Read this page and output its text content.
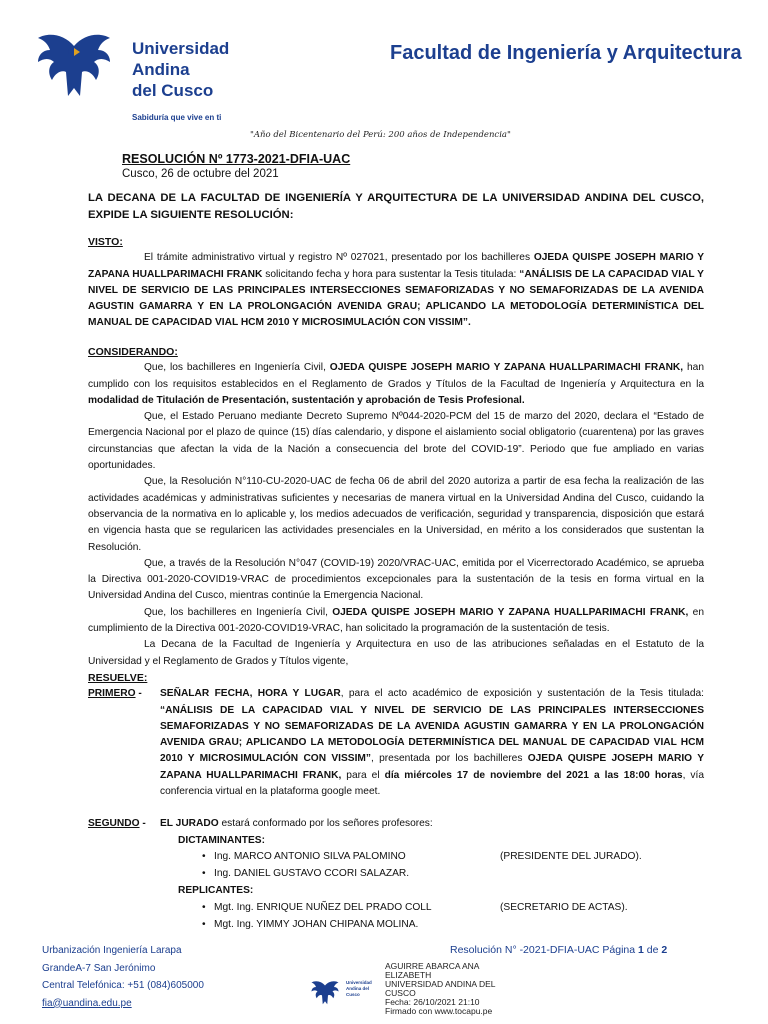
Universidad
Andina
del Cusco
Sabiduría que vive en ti
Facultad de Ingeniería y Arquitectura
"Año del Bicentenario del Perú: 200 años de Independencia"
RESOLUCIÓN Nº 1773-2021-DFIA-UAC
Cusco, 26 de octubre del 2021
LA DECANA DE LA FACULTAD DE INGENIERÍA Y ARQUITECTURA DE LA UNIVERSIDAD ANDINA DEL CUSCO, EXPIDE LA SIGUIENTE RESOLUCIÓN:

VISTO:

El trámite administrativo virtual y registro Nº 027021, presentado por los bachilleres OJEDA QUISPE JOSEPH MARIO Y ZAPANA HUALLPARIMACHI FRANK solicitando fecha y hora para sustentar la Tesis titulada: “ANÁLISIS DE LA CAPACIDAD VIAL Y NIVEL DE SERVICIO DE LAS PRINCIPALES INTERSECCIONES SEMAFORIZADAS Y NO SEMAFORIZADAS DE LA AVENIDA AGUSTIN GAMARRA Y EN LA PROLONGACIÓN AVENIDA GRAU; APLICANDO LA METODOLOGÍA DETERMINÍSTICA DEL MANUAL DE CAPACIDAD VIAL HCM 2010 Y MICROSIMULACIÓN CON VISSIM”.

CONSIDERANDO:

Que, los bachilleres en Ingeniería Civil, OJEDA QUISPE JOSEPH MARIO Y ZAPANA HUALLPARIMACHI FRANK, han cumplido con los requisitos establecidos en el Reglamento de Grados y Títulos de la Facultad de Ingeniería y Arquitectura en la modalidad de Titulación de Presentación, sustentación y aprobación de Tesis Profesional.

Que, el Estado Peruano mediante Decreto Supremo Nº044-2020-PCM del 15 de marzo del 2020, declara el “Estado de Emergencia Nacional por el plazo de quince (15) días calendario, y dispone el aislamiento social obligatorio (cuarentena) por las graves circunstancias que afectan la vida de la Nación a consecuencia del brote del COVID-19”. Periodo que fue ampliado en varias oportunidades.

Que, la Resolución N°110-CU-2020-UAC de fecha 06 de abril del 2020 autoriza a partir de esa fecha la realización de las actividades académicas y administrativas suficientes y necesarias de manera virtual en la Universidad Andina del Cusco, cuidando la observancia de la normativa en lo aplicable y, los medios adecuados de verificación, seguridad y transparencia, disposición que estará en vigencia hasta que se regularicen las actividades presenciales en la Universidad, en mérito a los considerados que sustentan la Resolución.

Que, a través de la Resolución N°047 (COVID-19) 2020/VRAC-UAC, emitida por el Vicerrectorado Académico, se aprueba la Directiva 001-2020-COVID19-VRAC de procedimientos excepcionales para la sustentación de la tesis en forma virtual en la Universidad Andina del Cusco, mientras continúe la Emergencia Nacional.

Que, los bachilleres en Ingeniería Civil, OJEDA QUISPE JOSEPH MARIO Y ZAPANA HUALLPARIMACHI FRANK, en cumplimiento de la Directiva 001-2020-COVID19-VRAC, han solicitado la programación de la sustentación de tesis.

La Decana de la Facultad de Ingeniería y Arquitectura en uso de las atribuciones señaladas en el Estatuto de la Universidad y el Reglamento de Grados y Títulos vigente,

RESUELVE:

PRIMERO -	SEÑALAR FECHA, HORA Y LUGAR, para el acto académico de exposición y sustentación de la Tesis titulada: “ANÁLISIS DE LA CAPACIDAD VIAL Y NIVEL DE SERVICIO DE LAS PRINCIPALES INTERSECCIONES SEMAFORIZADAS Y NO SEMAFORIZADAS DE LA AVENIDA AGUSTIN GAMARRA Y EN LA PROLONGACIÓN AVENIDA GRAU; APLICANDO LA METODOLOGÍA DETERMINÍSTICA DEL MANUAL DE CAPACIDAD VIAL HCM 2010 Y MICROSIMULACIÓN CON VISSIM”, presentada por los bachilleres OJEDA QUISPE JOSEPH MARIO Y ZAPANA HUALLPARIMACHI FRANK, para el día miércoles 17 de noviembre del 2021 a las 18:00 horas, vía conferencia virtual en la plataforma google meet.
SEGUNDO -	EL JURADO estará conformado por los señores profesores:
DICTAMINANTES:
• Ing. MARCO ANTONIO SILVA PALOMINO	(PRESIDENTE DEL JURADO).
• Ing. DANIEL GUSTAVO CCORI SALAZAR.
REPLICANTES:
• Mgt. Ing. ENRIQUE NUÑEZ DEL PRADO COLL	(SECRETARIO DE ACTAS).
• Mgt. Ing. YIMMY JOHAN CHIPANA MOLINA.
Urbanización Ingeniería Larapa
GrandeA-7 San Jerónimo
Central Telefónica: +51 (084)605000
fia@uandina.edu.pe
Resolución N° -2021-DFIA-UAC Página 1 de 2
Universidad Andina del Cusco
AGUIRRE ABARCA ANA
ELIZABETH
UNIVERSIDAD ANDINA DEL
CUSCO
Fecha: 26/10/2021 21:10
Firmado con www.tocapu.pe
